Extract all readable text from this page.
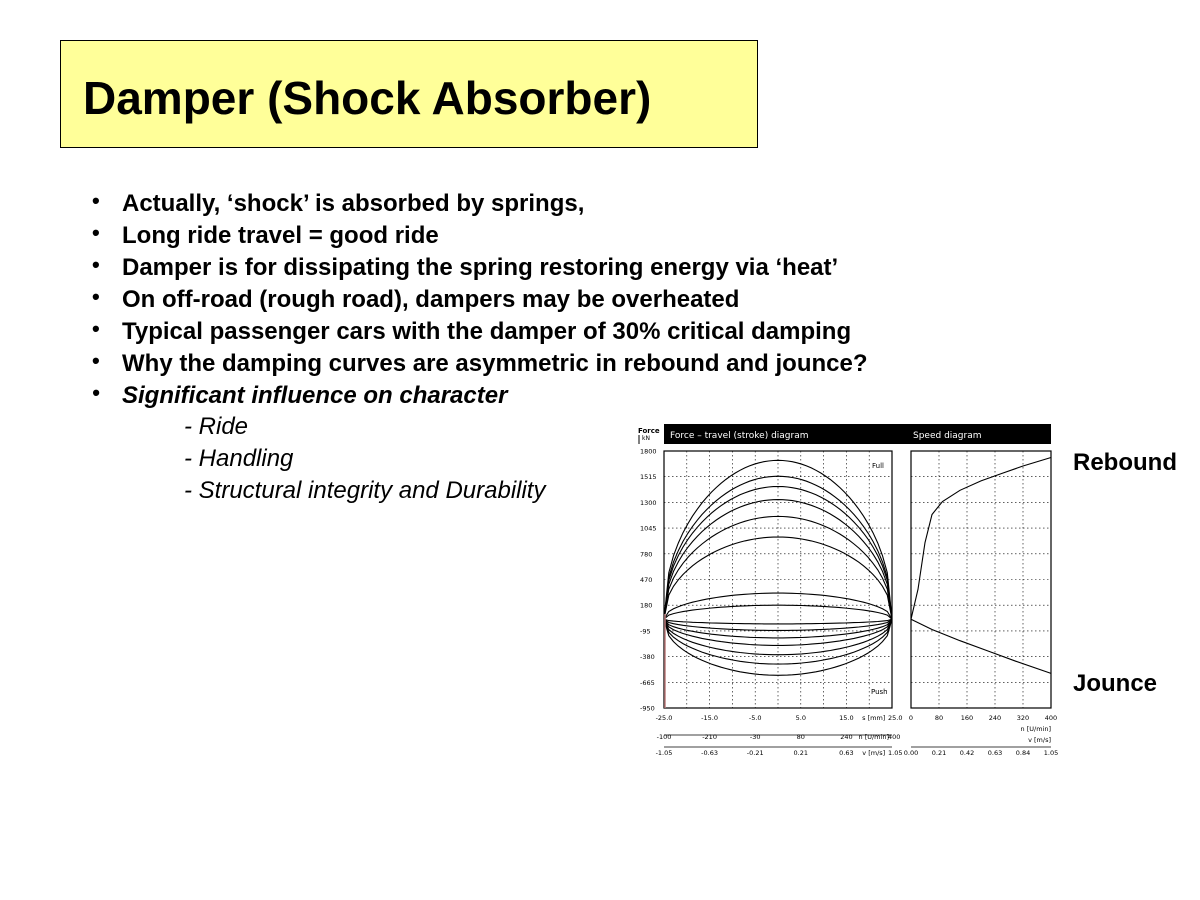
Damper (Shock Absorber)
• Actually, ‘shock’ is absorbed by springs,
• Long ride travel = good ride
• Damper is for dissipating the spring restoring energy via ‘heat’
• On off-road (rough road), dampers may be overheated
• Typical passenger cars with the damper of 30% critical damping
• Why the damping curves are asymmetric in rebound and jounce?
• Significant influence on character
- Ride
- Handling
- Structural integrity and Durability
Rebound
Jounce
Force
kN Force – travel (stroke) diagram	Speed diagram
Full
Push
1800
1515
1300
1045
780
470
180
-95
-380
-665
-950
-25.0	-15.0	-5.0	5.0	15.0 s [mm] 25.0
-100	-210	-30	80	240 n [U/min] 400
-1.05	-0.63	-0.21	0.21	0.63 v [m/s] 1.05
0	80	160 240 320 400
n [U/min]
v [m/s]
0.00 0.21 0.42 0.63 0.84 1.05
